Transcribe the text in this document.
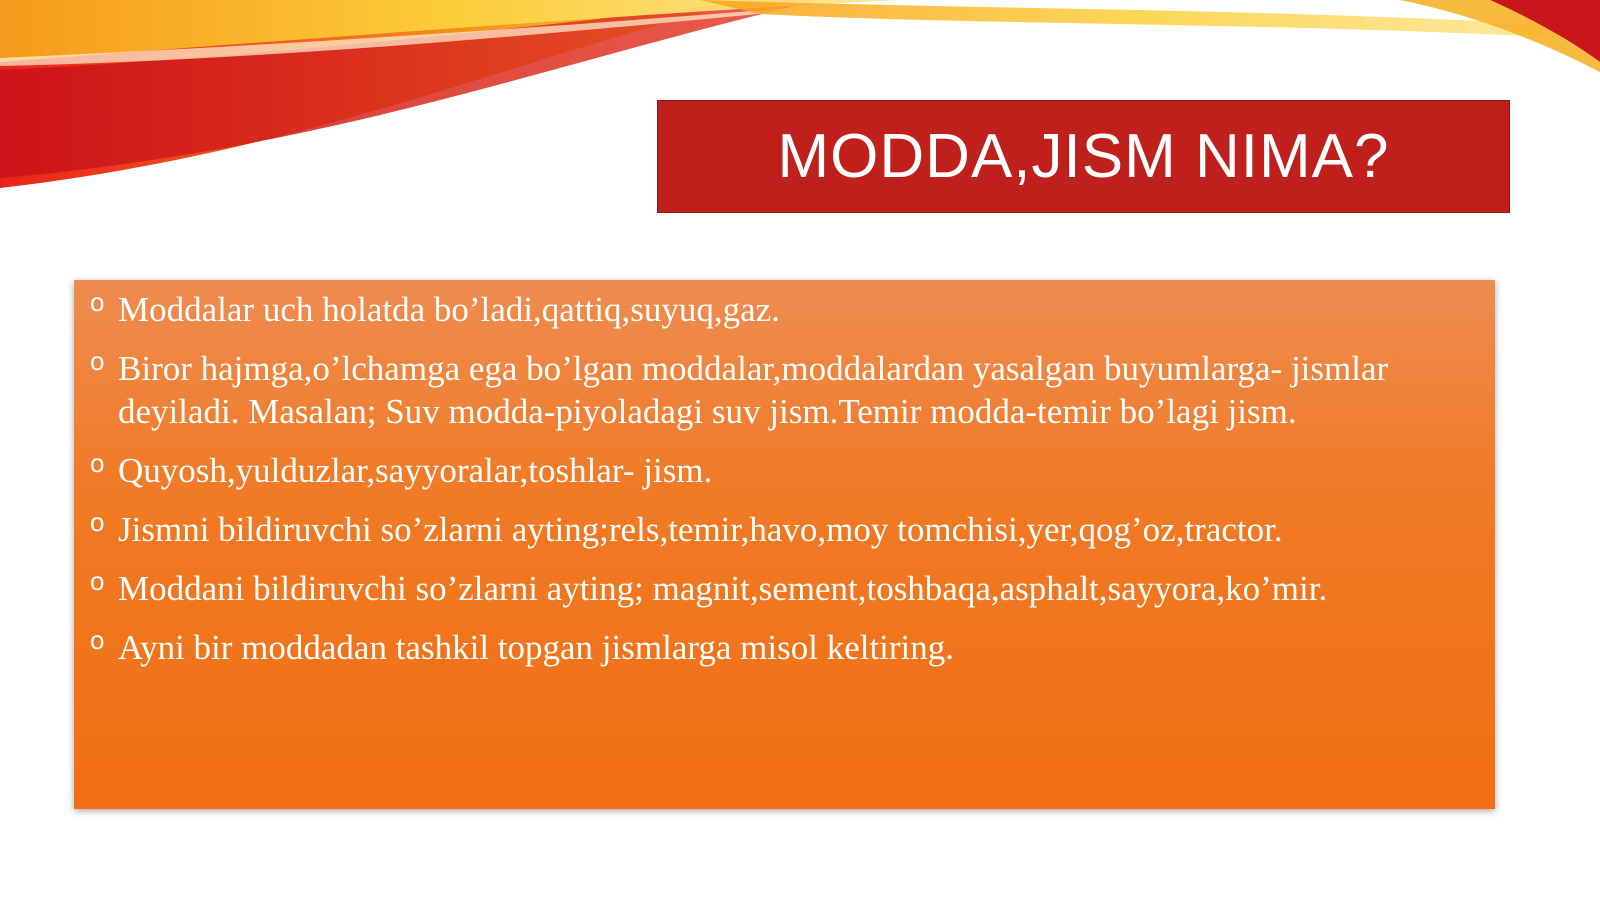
MODDA,JISM NIMA?
o Moddalar uch holatda bo’ladi,qattiq,suyuq,gaz.
o Biror hajmga,o’lchamga ega bo’lgan moddalar,moddalardan yasalgan buyumlarga- jismlar deyiladi. Masalan; Suv modda-piyoladagi suv jism.Temir modda-temir bo’lagi jism.
o Quyosh,yulduzlar,sayyoralar,toshlar- jism.
o Jismni bildiruvchi so’zlarni ayting;rels,temir,havo,moy tomchisi,yer,qog’oz,tractor.
o Moddani bildiruvchi so’zlarni ayting; magnit,sement,toshbaqa,asphalt,sayyora,ko’mir.
o Ayni bir moddadan tashkil topgan jismlarga misol keltiring.
